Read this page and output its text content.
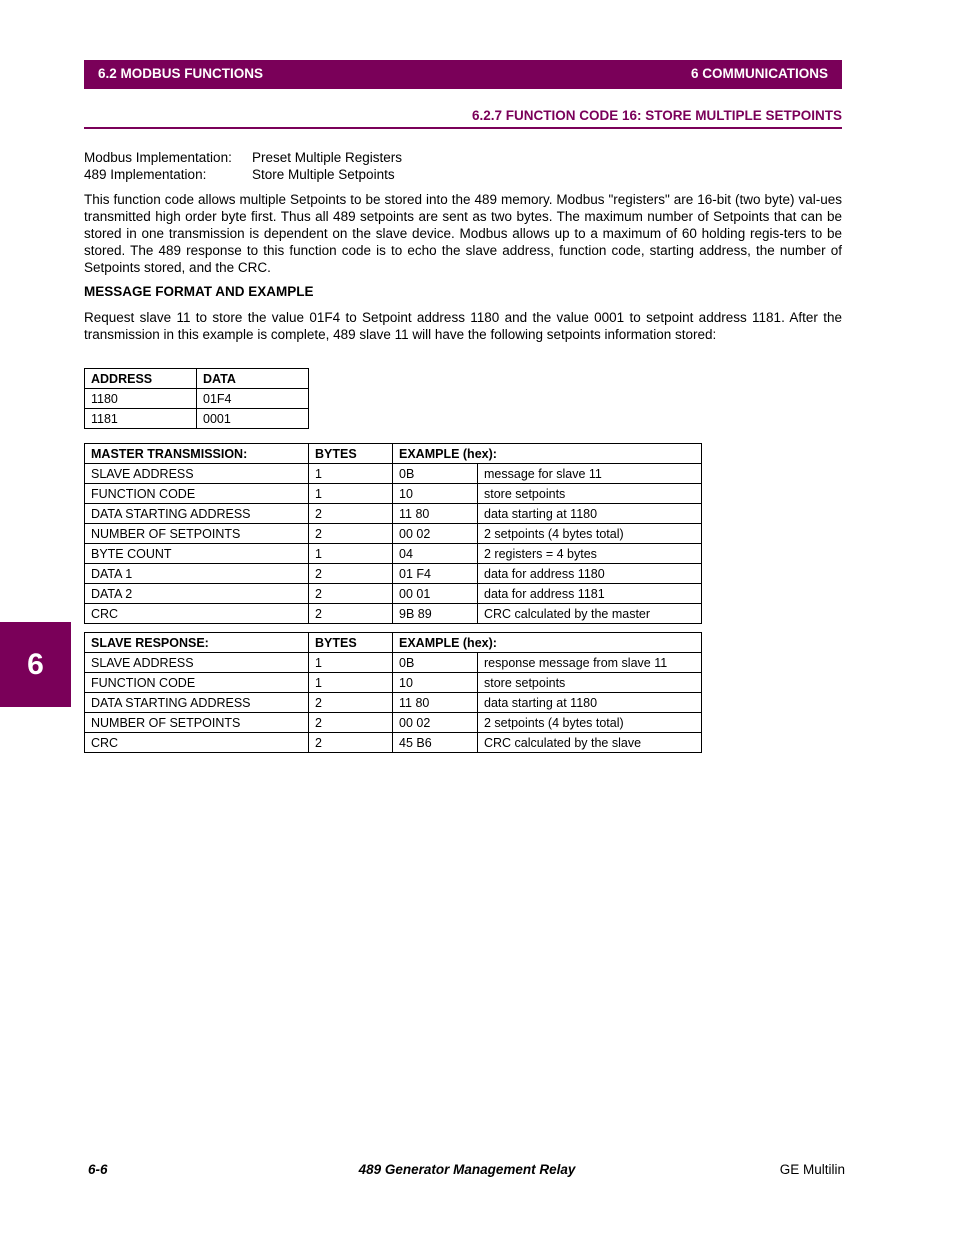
6.2 MODBUS FUNCTIONS	6 COMMUNICATIONS
6.2.7 FUNCTION CODE 16: STORE MULTIPLE SETPOINTS
Modbus Implementation:	Preset Multiple Registers
489 Implementation:	Store Multiple Setpoints

This function code allows multiple Setpoints to be stored into the 489 memory. Modbus "registers" are 16-bit (two byte) val-ues transmitted high order byte first. Thus all 489 setpoints are sent as two bytes. The maximum number of Setpoints that can be stored in one transmission is dependent on the slave device. Modbus allows up to a maximum of 60 holding regis-ters to be stored. The 489 response to this function code is to echo the slave address, function code, starting address, the number of Setpoints stored, and the CRC.

MESSAGE FORMAT AND EXAMPLE

Request slave 11 to store the value 01F4 to Setpoint address 1180 and the value 0001 to setpoint address 1181. After the transmission in this example is complete, 489 slave 11 will have the following setpoints information stored:

6
ADDRESS	DATA
1180	01F4
1181	0001
MASTER TRANSMISSION:	BYTES	EXAMPLE (hex):	
SLAVE ADDRESS	1	0B	message for slave 11
FUNCTION CODE	1	10	store setpoints
DATA STARTING ADDRESS	2	11 80	data starting at 1180
NUMBER OF SETPOINTS	2	00 02	2 setpoints (4 bytes total)
BYTE COUNT	1	04	2 registers = 4 bytes
DATA 1	2	01 F4	data for address 1180
DATA 2	2	00 01	data for address 1181
CRC	2	9B 89	CRC calculated by the master
SLAVE RESPONSE:	BYTES	EXAMPLE (hex):	
SLAVE ADDRESS	1	0B	response message from slave 11
FUNCTION CODE	1	10	store setpoints
DATA STARTING ADDRESS	2	11 80	data starting at 1180
NUMBER OF SETPOINTS	2	00 02	2 setpoints (4 bytes total)
CRC	2	45 B6	CRC calculated by the slave
6-6	489 Generator Management Relay	GE Multilin
